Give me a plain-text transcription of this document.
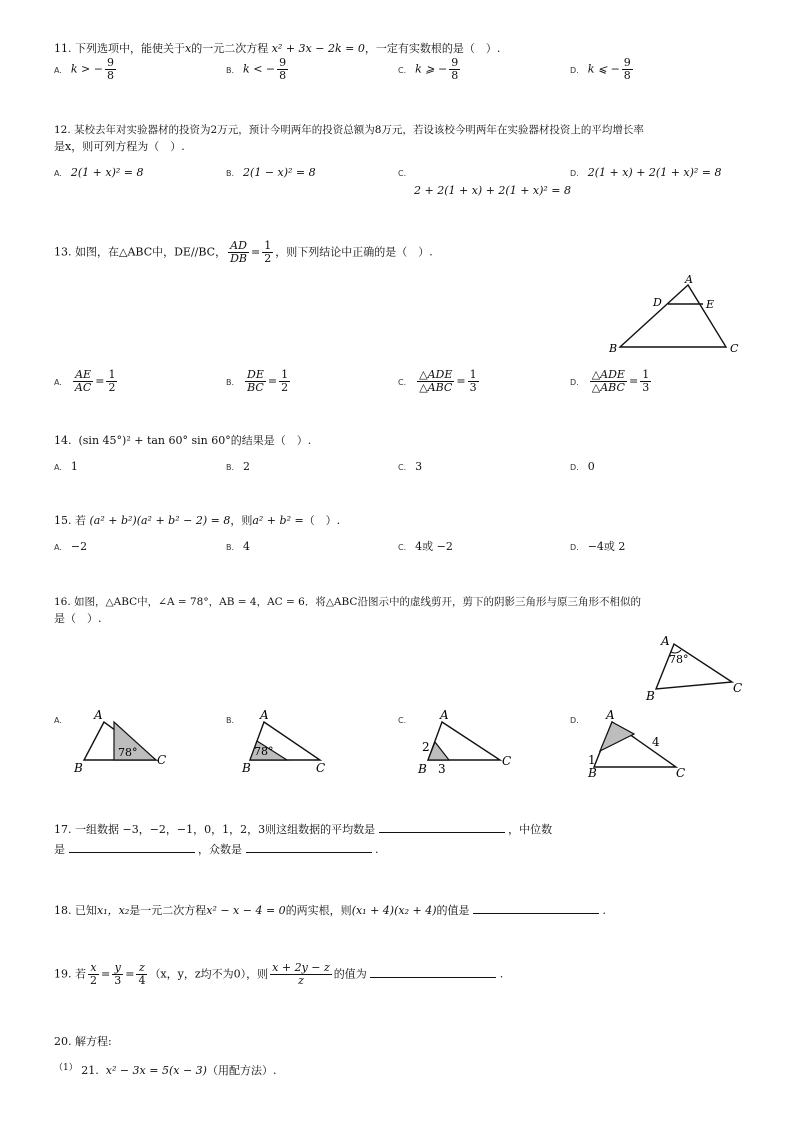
11. 下列选项中，能使关于x的一元二次方程 x² + 3x − 2k = 0，一定有实数根的是（　）.
A. k > − $\frac{9}{8}$	B. k < − $\frac{9}{8}$	C. k ⩾ − $\frac{9}{8}$	D. k ⩽ − $\frac{9}{8}$
12. 某校去年对实验器材的投资为2万元，预计今明两年的投资总额为8万元，若设该校今明两年在实验器材投资上的平均增长率
是x，则可列方程为（　）.
A. 2(1 + x)² = 8	B. 2(1 − x)² = 8	C.
2 + 2(1 + x) + 2(1 + x)² = 8
D. 2(1 + x) + 2(1 + x)² = 8
13. 如图，在△ABC中，DE//BC， $\frac{AD}{DB} = \frac{1}{2}$ ，则下列结论中正确的是（　）.
A
D	E
B	C
A. $\frac{AE}{AC} = \frac{1}{2}$	B. $\frac{DE}{BC} = \frac{1}{2}$	C. $\frac{\text{△ADE}}{\text{△ABC}} = \frac{1}{3}$	D. $\frac{\text{△ADE}}{\text{△ABC}} = \frac{1}{3}$
14. (sin 45°)² + tan 60° sin 60°的结果是（　）.
A. 1	B. 2	C. 3	D. 0
15. 若 (a² + b²)(a² + b² − 2) = 8，则a² + b² =（　）.
A. −2	B. 4	C. 4或 −2	D. −4或 2
16. 如图，△ABC中，∠A = 78°，AB = 4，AC = 6．将△ABC沿图示中的虚线剪开，剪下的阴影三角形与原三角形不相似的
是（　）.
A
78°
B
C
A.	A
78°
B
C
B.	A
78°
B	C
C.	A
2
B 3
C
D.	A
4
1
B	C
17. 一组数据 −3，−2，−1，0，1，2，3则这组数据的平均数是	，中位数
是	，众数是	.
18. 已知x₁，x₂是一元二次方程x² − x − 4 = 0的两实根，则(x₁ + 4)(x₂ + 4)的值是	.
19. 若 $\frac{x}{2} = \frac{y}{3} = \frac{z}{4} (x$，y，z均不为0），则 $\frac{x + 2y - z}{z}$ 的值为	.
20. 解方程:
$^{(1)}$ 21. x² − 3x = 5(x − 3)（用配方法）.
